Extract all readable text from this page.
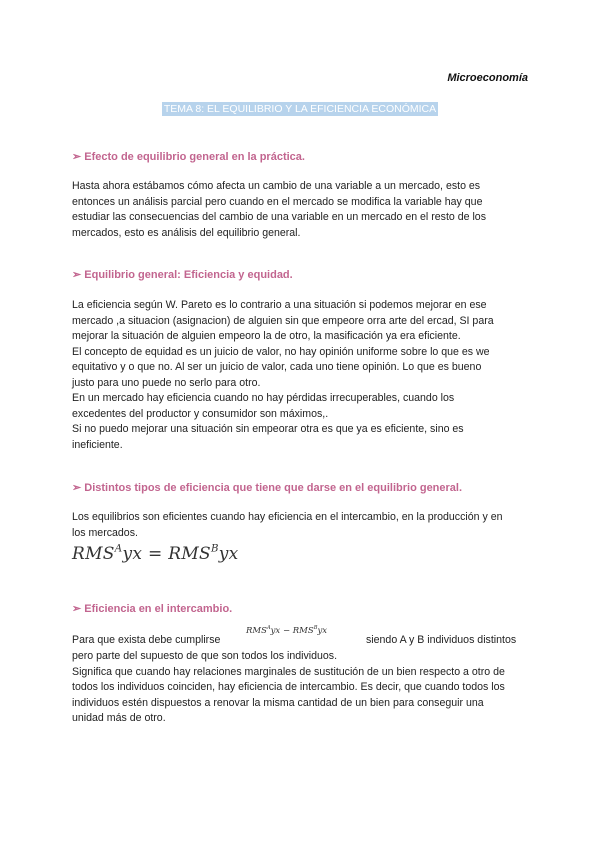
Microeconomía
TEMA 8: EL EQUILIBRIO Y LA EFICIENCIA ECONÓMICA
➢ Efecto de equilibrio general en la práctica.

Hasta ahora estábamos cómo afecta un cambio de una variable a un mercado, esto es

entonces un análisis parcial pero cuando en el mercado se modifica la variable hay que

estudiar las consecuencias del cambio de una variable en un mercado en el resto de los

mercados, esto es análisis del equilibrio general.

➢ Equilibrio general: Eficiencia y equidad.

La eficiencia según W. Pareto es lo contrario a una situación si podemos mejorar en ese

mercado ,a situacion (asignacion) de alguien sin que empeore orra arte del ercad, SI para

mejorar la situación de alguien empeoro la de otro, la masificación ya era eficiente.

El concepto de equidad es un juicio de valor, no hay opinión uniforme sobre lo que es we

equitativo y o que no. Al ser un juicio de valor, cada uno tiene opinión. Lo que es bueno

justo para uno puede no serlo para otro.

En un mercado hay eficiencia cuando no hay pérdidas irrecuperables, cuando los

excedentes del productor y consumidor son máximos,.

Si no puedo mejorar una situación sin empeorar otra es que ya es eficiente, sino es

ineficiente.

➢ Distintos tipos de eficiencia que tiene que darse en el equilibrio general.

Los equilibrios son eficientes cuando hay eficiencia en el intercambio, en la producción y en

los mercados.

$RMS^Ayx = RMS^Byx$
➢ Eficiencia en el intercambio.
Para que exista debe cumplirse
$RMS^Ayx - RMS^Byx$
siendo A y B individuos distintos

pero parte del supuesto de que son todos los individuos.

Significa que cuando hay relaciones marginales de sustitución de un bien respecto a otro de

todos los individuos coinciden, hay eficiencia de intercambio. Es decir, que cuando todos los

individuos estén dispuestos a renovar la misma cantidad de un bien para conseguir una

unidad más de otro.
